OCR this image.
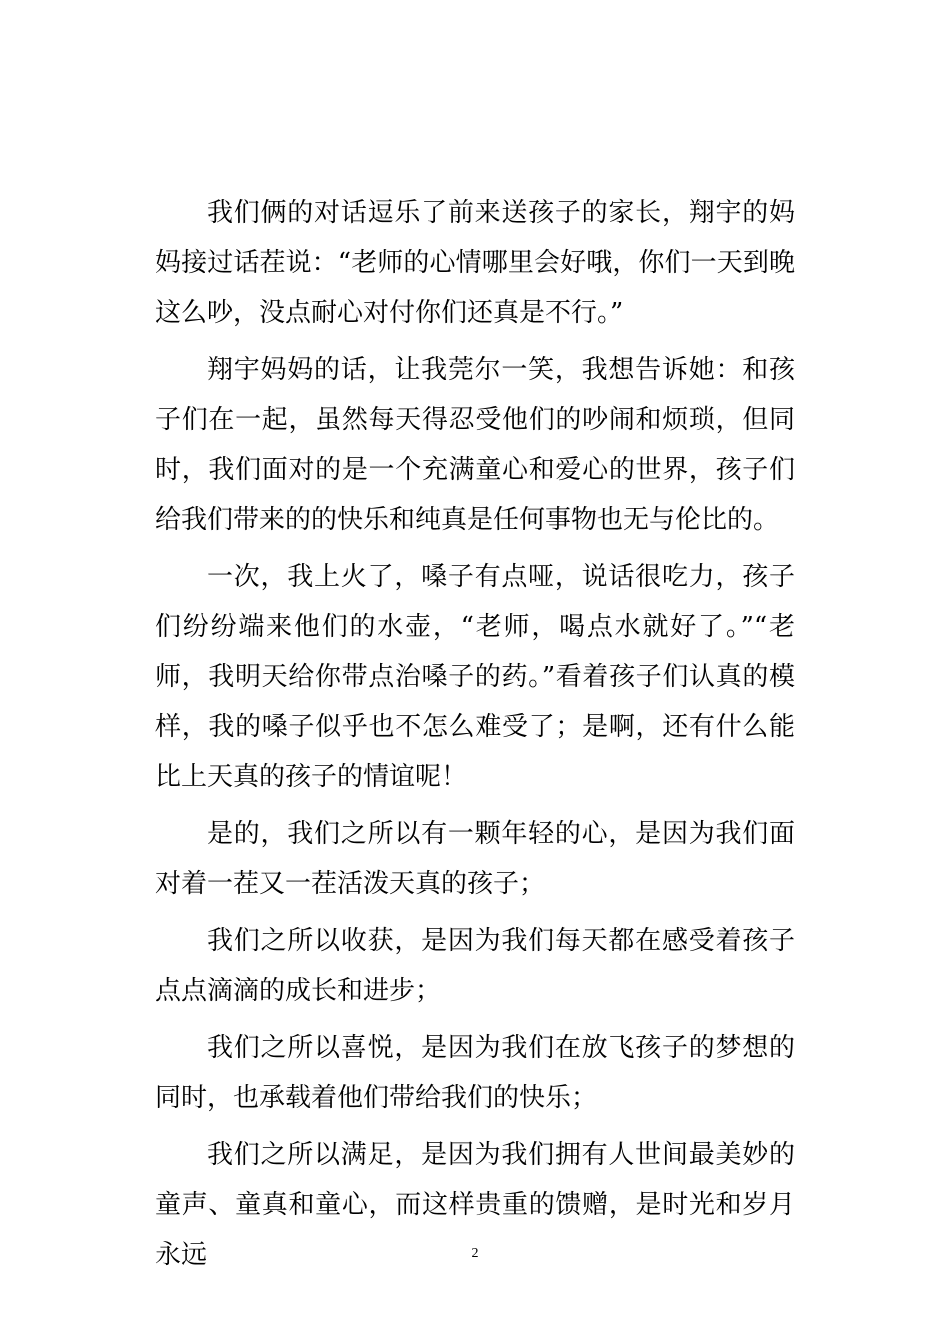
我们俩的对话逗乐了前来送孩子的家长，翔宇的妈妈接过话茬说：“老师的心情哪里会好哦，你们一天到晚这么吵，没点耐心对付你们还真是不行。”

翔宇妈妈的话，让我莞尔一笑，我想告诉她：和孩子们在一起，虽然每天得忍受他们的吵闹和烦琐，但同时，我们面对的是一个充满童心和爱心的世界，孩子们给我们带来的的快乐和纯真是任何事物也无与伦比的。

一次，我上火了，嗓子有点哑，说话很吃力，孩子们纷纷端来他们的水壶，“老师，喝点水就好了。”“老师，我明天给你带点治嗓子的药。”看着孩子们认真的模样，我的嗓子似乎也不怎么难受了；是啊，还有什么能比上天真的孩子的情谊呢！

是的，我们之所以有一颗年轻的心，是因为我们面对着一茬又一茬活泼天真的孩子；

我们之所以收获，是因为我们每天都在感受着孩子点点滴滴的成长和进步；

我们之所以喜悦，是因为我们在放飞孩子的梦想的同时，也承载着他们带给我们的快乐；

我们之所以满足，是因为我们拥有人世间最美妙的童声、童真和童心，而这样贵重的馈赠，是时光和岁月永远	2
